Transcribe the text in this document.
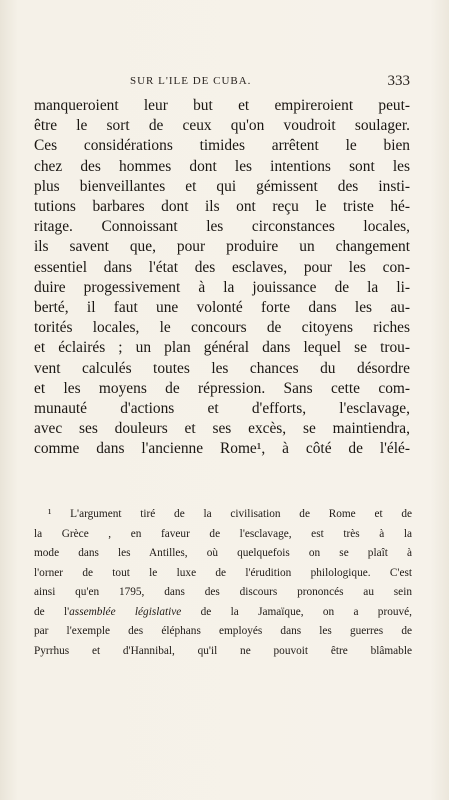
SUR L'ILE DE CUBA.	333
manqueroient leur but et empireroient peut-
être le sort de ceux qu'on voudroit soulager.
Ces considérations timides arrêtent le bien
chez des hommes dont les intentions sont les
plus bienveillantes et qui gémissent des insti-
tutions barbares dont ils ont reçu le triste hé-
ritage. Connoissant les circonstances locales,
ils savent que, pour produire un changement
essentiel dans l'état des esclaves, pour les con-
duire progessivement à la jouissance de la li-
berté, il faut une volonté forte dans les au-
torités locales, le concours de citoyens riches
et éclairés ; un plan général dans lequel se trou-
vent calculés toutes les chances du désordre
et les moyens de répression. Sans cette com-
munauté d'actions et d'efforts, l'esclavage,
avec ses douleurs et ses excès, se maintiendra,
comme dans l'ancienne Rome¹, à côté de l'élé-
¹ L'argument tiré de la civilisation de Rome et de
la Grèce , en faveur de l'esclavage, est très à la
mode dans les Antilles, où quelquefois on se plaît à
l'orner de tout le luxe de l'érudition philologique. C'est
ainsi qu'en 1795, dans des discours prononcés au sein
de l'assemblée législative de la Jamaïque, on a prouvé,
par l'exemple des éléphans employés dans les guerres de
Pyrrhus et d'Hannibal, qu'il ne pouvoit être blâmable
